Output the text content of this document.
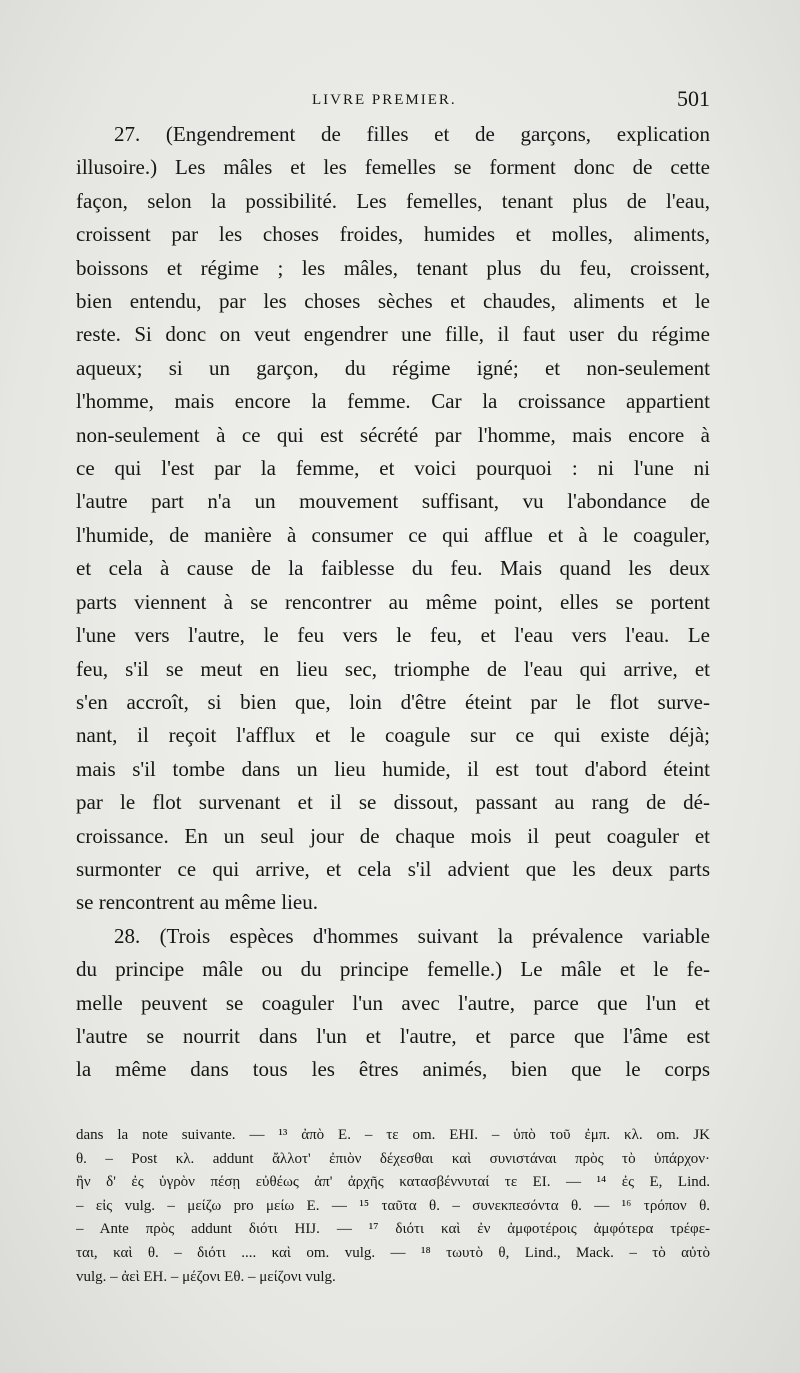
LIVRE PREMIER.	501
27. (Engendrement de filles et de garçons, explication
illusoire.) Les mâles et les femelles se forment donc de cette
façon, selon la possibilité. Les femelles, tenant plus de l'eau,
croissent par les choses froides, humides et molles, aliments,
boissons et régime ; les mâles, tenant plus du feu, croissent,
bien entendu, par les choses sèches et chaudes, aliments et le
reste. Si donc on veut engendrer une fille, il faut user du régime
aqueux; si un garçon, du régime igné; et non-seulement
l'homme, mais encore la femme. Car la croissance appartient
non-seulement à ce qui est sécrété par l'homme, mais encore à
ce qui l'est par la femme, et voici pourquoi : ni l'une ni
l'autre part n'a un mouvement suffisant, vu l'abondance de
l'humide, de manière à consumer ce qui afflue et à le coaguler,
et cela à cause de la faiblesse du feu. Mais quand les deux
parts viennent à se rencontrer au même point, elles se portent
l'une vers l'autre, le feu vers le feu, et l'eau vers l'eau. Le
feu, s'il se meut en lieu sec, triomphe de l'eau qui arrive, et
s'en accroît, si bien que, loin d'être éteint par le flot surve-
nant, il reçoit l'afflux et le coagule sur ce qui existe déjà;
mais s'il tombe dans un lieu humide, il est tout d'abord éteint
par le flot survenant et il se dissout, passant au rang de dé-
croissance. En un seul jour de chaque mois il peut coaguler et
surmonter ce qui arrive, et cela s'il advient que les deux parts
se rencontrent au même lieu.
28. (Trois espèces d'hommes suivant la prévalence variable
du principe mâle ou du principe femelle.) Le mâle et le fe-
melle peuvent se coaguler l'un avec l'autre, parce que l'un et
l'autre se nourrit dans l'un et l'autre, et parce que l'âme est
la même dans tous les êtres animés, bien que le corps
dans la note suivante. — ¹³ ἀπὸ E. – τε om. EHI. – ὑπὸ τοῦ ἐμπ. κλ. om. JK
θ. – Post κλ. addunt ἄλλοτ' ἐπιὸν δέχεσθαι καὶ συνιστάναι πρὸς τὸ ὑπάρχον·
ἢν δ' ἐς ὑγρὸν πέσῃ εὐθέως ἀπ' ἀρχῆς κατασβέννυταί τε EI. — ¹⁴ ἐς E, Lind.
– εἰς vulg. – μείζω pro μείω E. — ¹⁵ ταῦτα θ. – συνεκπεσόντα θ. — ¹⁶ τρόπον θ.
– Ante πρὸς addunt διότι HIJ. — ¹⁷ διότι καὶ ἐν ἀμφοτέροις ἀμφότερα τρέφε-
ται, καὶ θ. – διότι .... καὶ om. vulg. — ¹⁸ τωυτὸ θ, Lind., Mack. – τὸ αὐτὸ
vulg. – ἀεὶ EH. – μέζονι Eθ. – μείζονι vulg.
